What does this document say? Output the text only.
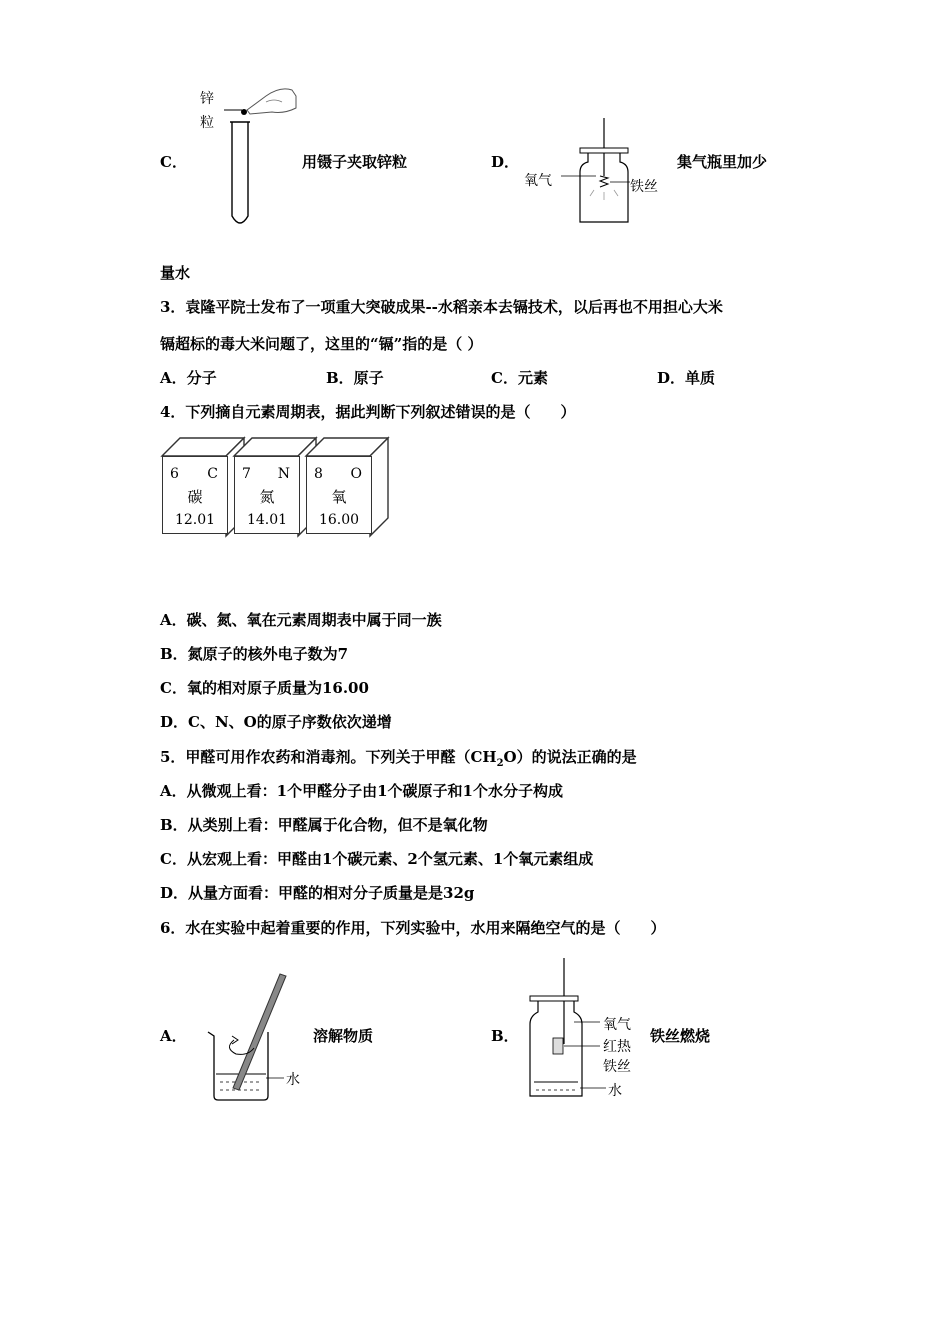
C．
锌
粒
用镊子夹取锌粒	D．
氧气	铁丝
集气瓶里加少
量水
3．袁隆平院士发布了一项重大突破成果--水稻亲本去镉技术，以后再也不用担心大米
镉超标的毒大米问题了，这里的“镉”指的是（ ）
A．分子	B．原子	C．元素	D．单质
4．下列摘自元素周期表，据此判断下列叙述错误的是（　　）
6 C
碳
12.01
7 N
氮
14.01
8 O
氧
16.00
A．碳、氮、氧在元素周期表中属于同一族
B．氮原子的核外电子数为7
C．氧的相对原子质量为16.00
D．C、N、O的原子序数依次递增
5．甲醛可用作农药和消毒剂。下列关于甲醛$(CH_2O)$的说法正确的是
A．从微观上看：1个甲醛分子由1个碳原子和1个水分子构成
B．从类别上看：甲醛属于化合物，但不是氧化物
C．从宏观上看：甲醛由1个碳元素、2个氢元素、1个氧元素组成
D．从量方面看：甲醛的相对分子质量是是32g
6．水在实验中起着重要的作用，下列实验中，水用来隔绝空气的是（　　）
A．
水
溶解物质	B．
氧气
红热
铁丝
水
铁丝燃烧
